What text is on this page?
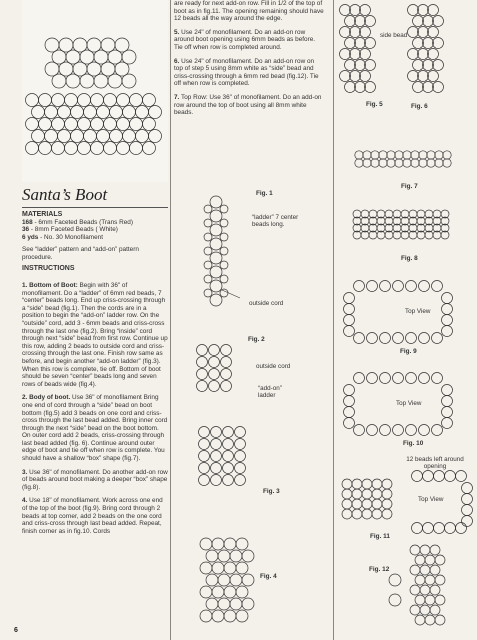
Santa’s Boot
MATERIALS
168 - 6mm Faceted Beads (Trans Red)
36 - 8mm Faceted Beads ( White)
6 yds - No. 30 Monofilament
See “ladder” pattern and “add-on” pattern procedure.
INSTRUCTIONS

1. Bottom of Boot: Begin with 36" of monofilament. Do a “ladder” of 6mm red beads, 7 “center” beads long. End up criss-crossing through a “side” bead (fig.1). Then the cords are in a position to begin the “add-on” ladder row. On the “outside” cord, add 3 - 6mm beads and criss-cross through the last one (fig.2). Bring “inside” cord through next “side” bead from first row. Continue up this row, adding 2 beads to outside cord and criss-crossing through the last one. Finish row same as before, and begin another “add-on ladder” (fig.3). When this row is complete, tie off. Bottom of boot should be seven “center” beads long and seven rows of beads wide (fig.4).

2. Body of boot. Use 36" of monofilament Bring one end of cord through a “side” bead on boot bottom (fig.5) add 3 beads on one cord and criss-cross through the last bead added. Bring inner cord through the next “side” bead on the boot bottom. On outer cord add 2 beads, criss-crossing through last bead added (fig. 6). Continue around outer edge of boot and tie off when row is complete. You should have a shallow “box” shape (fig.7).

3. Use 36" of monofilament. Do another add-on row of beads around boot making a deeper “box” shape (fig.8).

4. Use 18" of monofilament. Work across one end of the top of the boot (fig.9). Bring cord through 2 beads at top corner, add 2 beads on the one cord and criss-cross through last bead added. Repeat, finish corner as in fig.10. Cords

are ready for next add-on row. Fill in 1/2 of the top of boot as in fig.11. The opening remaining should have 12 beads all the way around the edge.

5. Use 24" of monofilament. Do an add-on row around boot opening using 6mm beads as before. Tie off when row is completed around.

6. Use 24" of monofilament. Do an add-on row on top of step 5 using 8mm white as “side” bead and criss-crossing through a 6mm red bead (fig.12). Tie off when row is completed.

7. Top Row: Use 36" of monofilament. Do an add-on row around the top of boot using all 8mm white beads.

Fig. 1
“ladder” 7 center beads long.
outside cord
Fig. 2
outside cord
“add-on” ladder
Fig. 3
Fig. 4
side bead
Fig. 5	Fig. 6
Fig. 7
Fig. 8
Top View
Fig. 9
Top View
Fig. 10
12 beads left around opening
Top View
Fig. 11
Fig. 12
6
